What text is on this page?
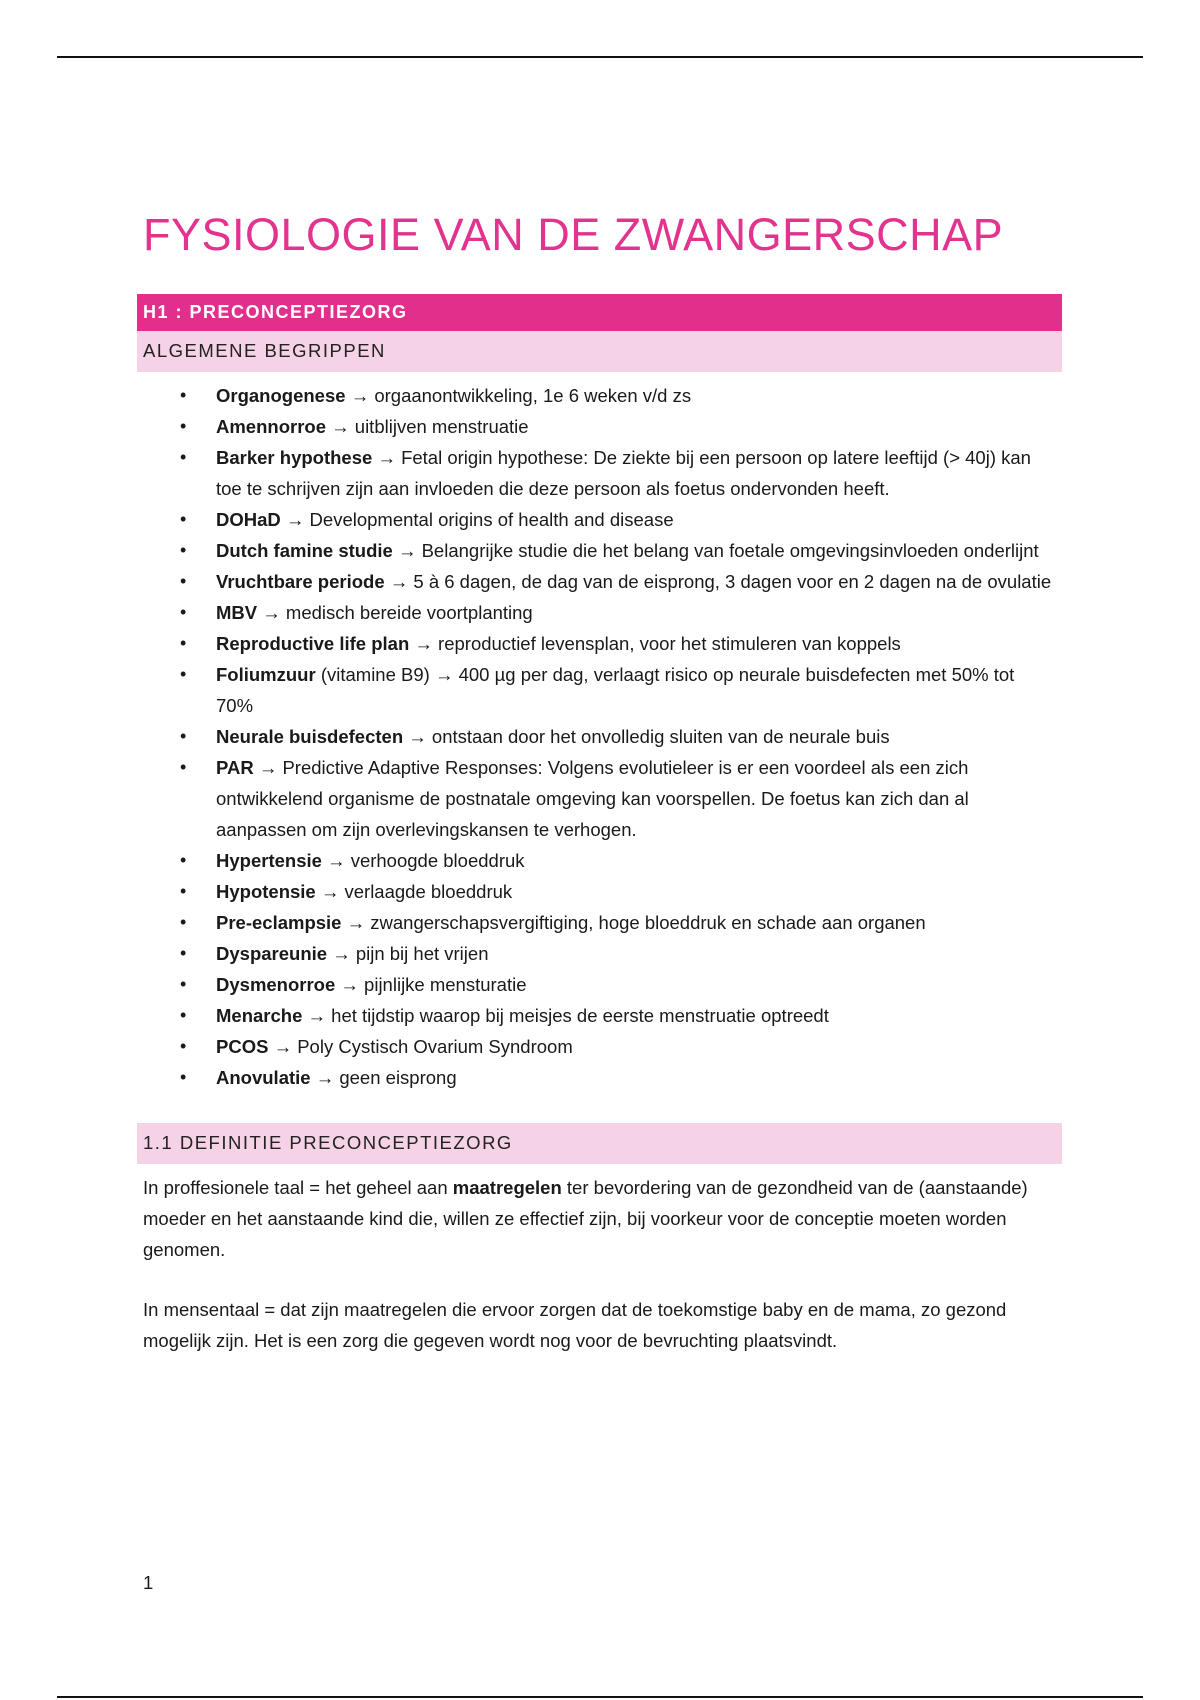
FYSIOLOGIE VAN DE ZWANGERSCHAP
H1 : PRECONCEPTIEZORG
ALGEMENE BEGRIPPEN
• Organogenese → orgaanontwikkeling, 1e 6 weken v/d zs
• Amennorroe → uitblijven menstruatie
• Barker hypothese → Fetal origin hypothese: De ziekte bij een persoon op latere leeftijd (> 40j) kan toe te schrijven zijn aan invloeden die deze persoon als foetus ondervonden heeft.
• DOHaD → Developmental origins of health and disease
• Dutch famine studie → Belangrijke studie die het belang van foetale omgevingsinvloeden onderlijnt
• Vruchtbare periode → 5 à 6 dagen, de dag van de eisprong, 3 dagen voor en 2 dagen na de ovulatie
• MBV → medisch bereide voortplanting
• Reproductive life plan → reproductief levensplan, voor het stimuleren van koppels
• Foliumzuur (vitamine B9) → 400 µg per dag, verlaagt risico op neurale buisdefecten met 50% tot 70%
• Neurale buisdefecten → ontstaan door het onvolledig sluiten van de neurale buis
• PAR → Predictive Adaptive Responses: Volgens evolutieleer is er een voordeel als een zich ontwikkelend organisme de postnatale omgeving kan voorspellen. De foetus kan zich dan al aanpassen om zijn overlevingskansen te verhogen.
• Hypertensie → verhoogde bloeddruk
• Hypotensie → verlaagde bloeddruk
• Pre-eclampsie → zwangerschapsvergiftiging, hoge bloeddruk en schade aan organen
• Dyspareunie → pijn bij het vrijen
• Dysmenorroe → pijnlijke mensturatie
• Menarche → het tijdstip waarop bij meisjes de eerste menstruatie optreedt
• PCOS → Poly Cystisch Ovarium Syndroom
• Anovulatie → geen eisprong
1.1 DEFINITIE PRECONCEPTIEZORG

In proffesionele taal = het geheel aan maatregelen ter bevordering van de gezondheid van de (aanstaande) moeder en het aanstaande kind die, willen ze effectief zijn, bij voorkeur voor de conceptie moeten worden genomen.

In mensentaal = dat zijn maatregelen die ervoor zorgen dat de toekomstige baby en de mama, zo gezond mogelijk zijn. Het is een zorg die gegeven wordt nog voor de bevruchting plaatsvindt.

1
